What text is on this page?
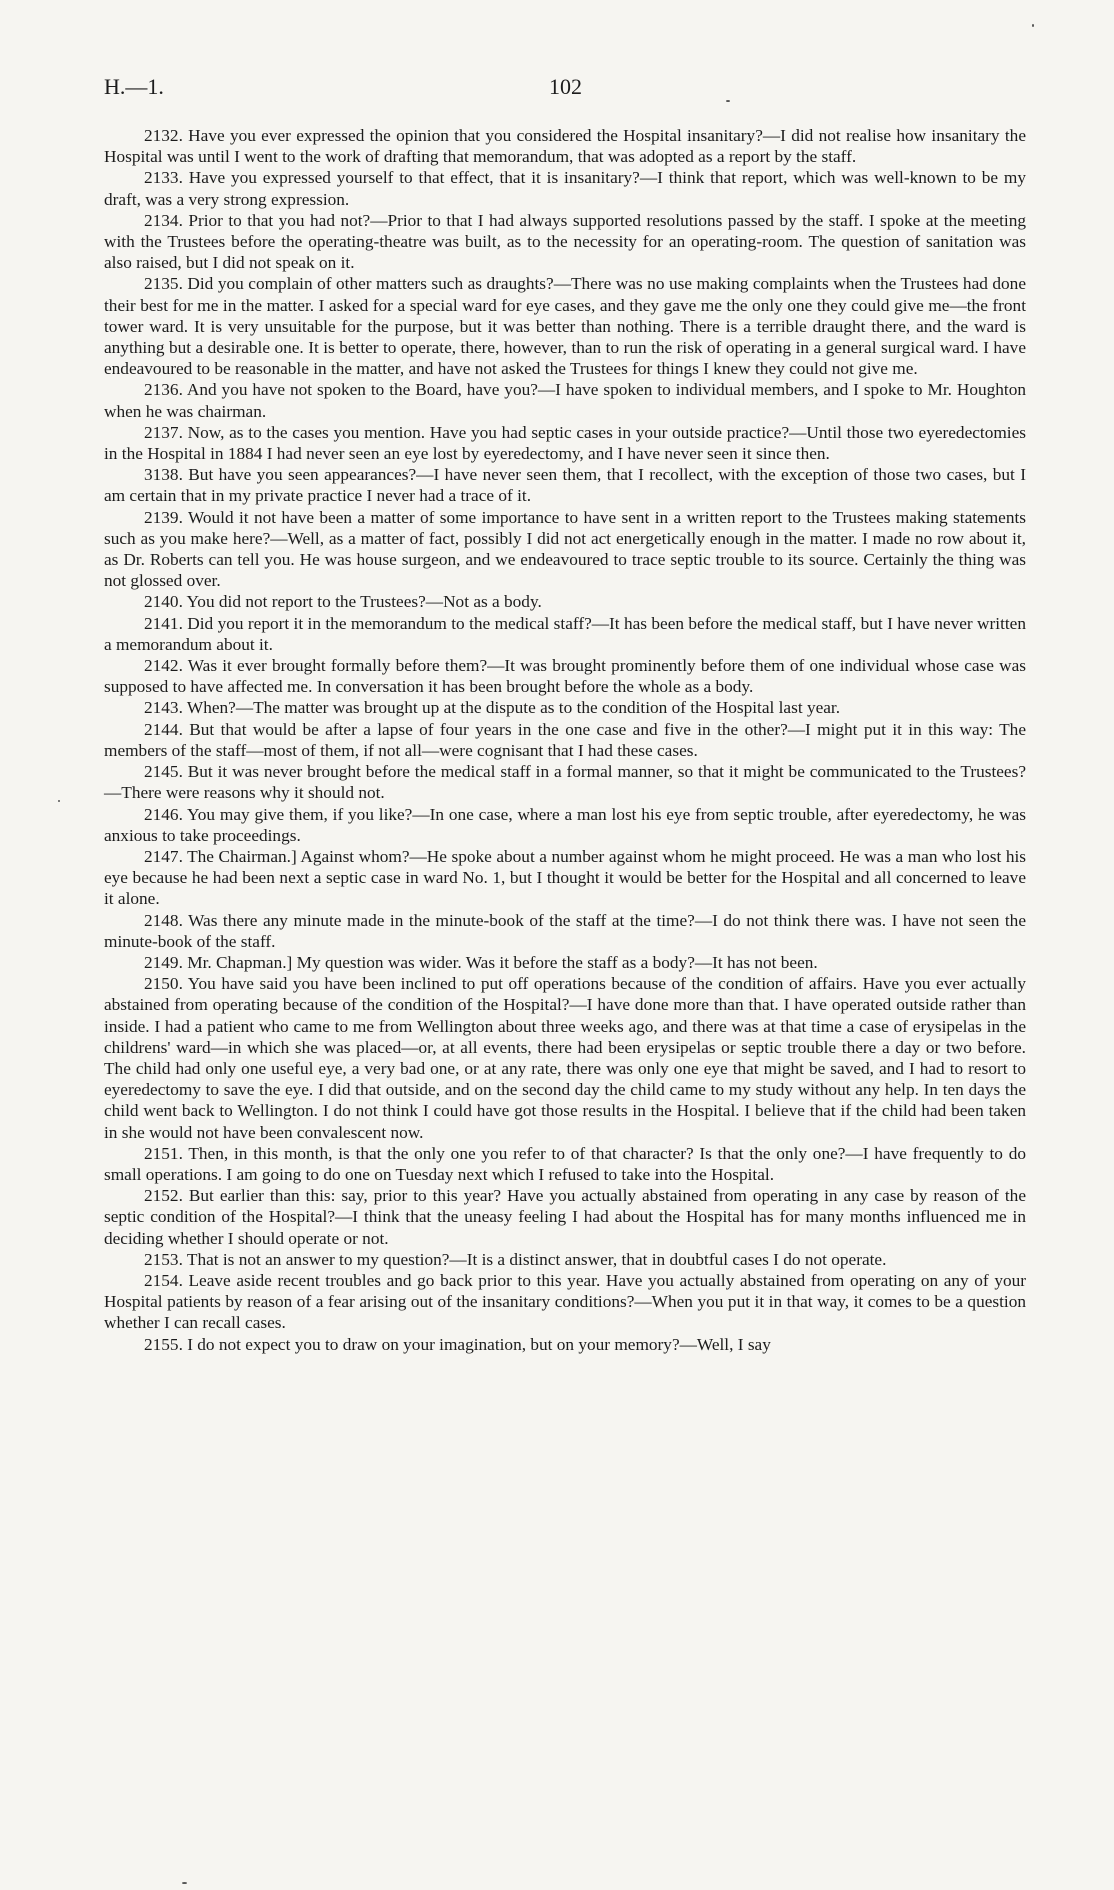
H.—1.	102

2132. Have you ever expressed the opinion that you considered the Hospital insanitary?—I did not realise how insanitary the Hospital was until I went to the work of drafting that memorandum, that was adopted as a report by the staff.

2133. Have you expressed yourself to that effect, that it is insanitary?—I think that report, which was well-known to be my draft, was a very strong expression.

2134. Prior to that you had not?—Prior to that I had always supported resolutions passed by the staff. I spoke at the meeting with the Trustees before the operating-theatre was built, as to the necessity for an operating-room. The question of sanitation was also raised, but I did not speak on it.

2135. Did you complain of other matters such as draughts?—There was no use making complaints when the Trustees had done their best for me in the matter. I asked for a special ward for eye cases, and they gave me the only one they could give me—the front tower ward. It is very unsuitable for the purpose, but it was better than nothing. There is a terrible draught there, and the ward is anything but a desirable one. It is better to operate, there, however, than to run the risk of operating in a general surgical ward. I have endeavoured to be reasonable in the matter, and have not asked the Trustees for things I knew they could not give me.

2136. And you have not spoken to the Board, have you?—I have spoken to individual members, and I spoke to Mr. Houghton when he was chairman.

2137. Now, as to the cases you mention. Have you had septic cases in your outside practice?—Until those two eyeredectomies in the Hospital in 1884 I had never seen an eye lost by eyeredectomy, and I have never seen it since then.

3138. But have you seen appearances?—I have never seen them, that I recollect, with the exception of those two cases, but I am certain that in my private practice I never had a trace of it.

2139. Would it not have been a matter of some importance to have sent in a written report to the Trustees making statements such as you make here?—Well, as a matter of fact, possibly I did not act energetically enough in the matter. I made no row about it, as Dr. Roberts can tell you. He was house surgeon, and we endeavoured to trace septic trouble to its source. Certainly the thing was not glossed over.

2140. You did not report to the Trustees?—Not as a body.

2141. Did you report it in the memorandum to the medical staff?—It has been before the medical staff, but I have never written a memorandum about it.

2142. Was it ever brought formally before them?—It was brought prominently before them of one individual whose case was supposed to have affected me. In conversation it has been brought before the whole as a body.

2143. When?—The matter was brought up at the dispute as to the condition of the Hospital last year.

2144. But that would be after a lapse of four years in the one case and five in the other?—I might put it in this way: The members of the staff—most of them, if not all—were cognisant that I had these cases.

2145. But it was never brought before the medical staff in a formal manner, so that it might be communicated to the Trustees?—There were reasons why it should not.

2146. You may give them, if you like?—In one case, where a man lost his eye from septic trouble, after eyeredectomy, he was anxious to take proceedings.

2147. The Chairman.] Against whom?—He spoke about a number against whom he might proceed. He was a man who lost his eye because he had been next a septic case in ward No. 1, but I thought it would be better for the Hospital and all concerned to leave it alone.

2148. Was there any minute made in the minute-book of the staff at the time?—I do not think there was. I have not seen the minute-book of the staff.

2149. Mr. Chapman.] My question was wider. Was it before the staff as a body?—It has not been.

2150. You have said you have been inclined to put off operations because of the condition of affairs. Have you ever actually abstained from operating because of the condition of the Hospital?—I have done more than that. I have operated outside rather than inside. I had a patient who came to me from Wellington about three weeks ago, and there was at that time a case of erysipelas in the childrens' ward—in which she was placed—or, at all events, there had been erysipelas or septic trouble there a day or two before. The child had only one useful eye, a very bad one, or at any rate, there was only one eye that might be saved, and I had to resort to eyeredectomy to save the eye. I did that outside, and on the second day the child came to my study without any help. In ten days the child went back to Wellington. I do not think I could have got those results in the Hospital. I believe that if the child had been taken in she would not have been convalescent now.

2151. Then, in this month, is that the only one you refer to of that character? Is that the only one?—I have frequently to do small operations. I am going to do one on Tuesday next which I refused to take into the Hospital.

2152. But earlier than this: say, prior to this year? Have you actually abstained from operating in any case by reason of the septic condition of the Hospital?—I think that the uneasy feeling I had about the Hospital has for many months influenced me in deciding whether I should operate or not.

2153. That is not an answer to my question?—It is a distinct answer, that in doubtful cases I do not operate.

2154. Leave aside recent troubles and go back prior to this year. Have you actually abstained from operating on any of your Hospital patients by reason of a fear arising out of the insanitary conditions?—When you put it in that way, it comes to be a question whether I can recall cases.

2155. I do not expect you to draw on your imagination, but on your memory?—Well, I say
